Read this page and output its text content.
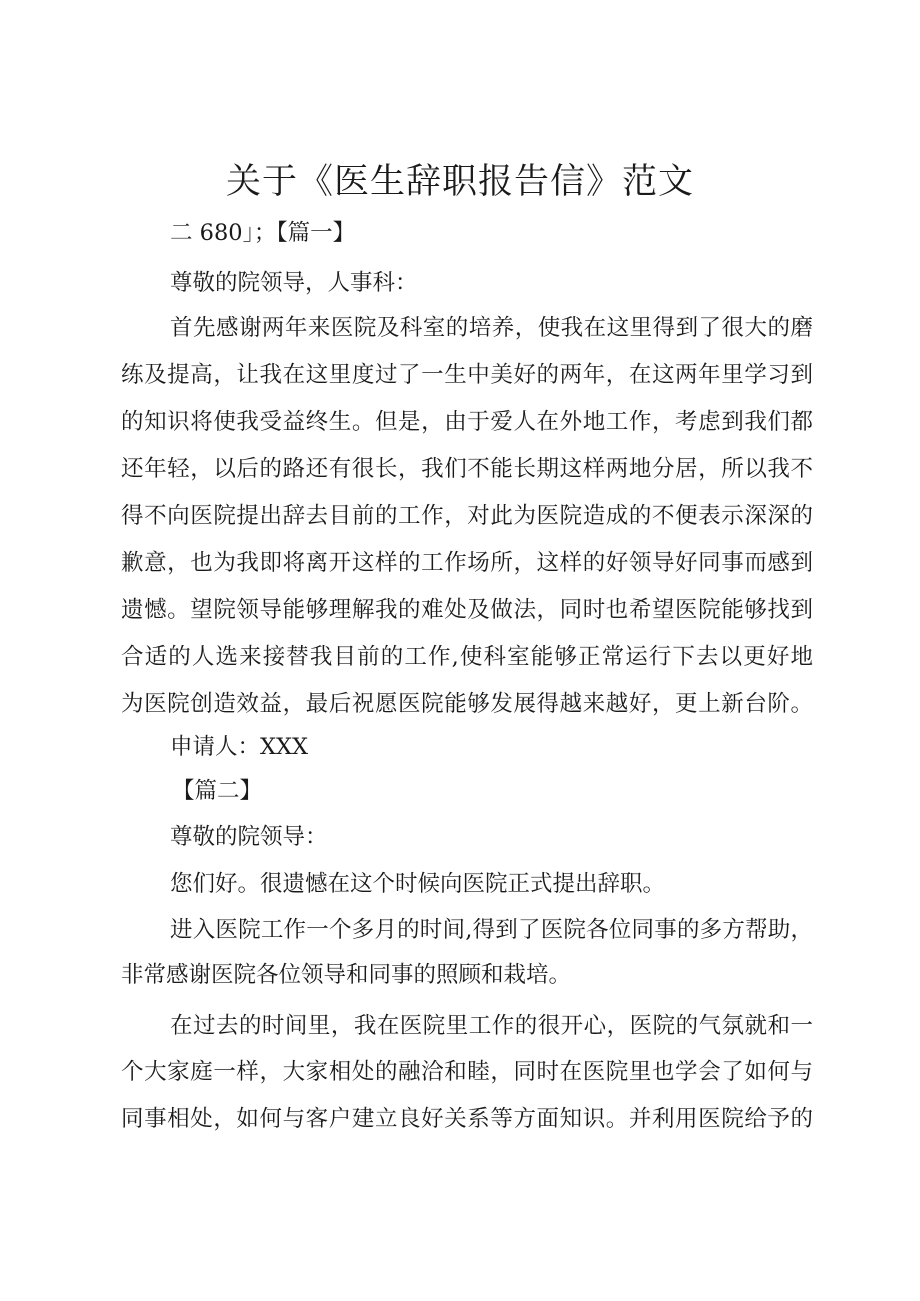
关于《医生辞职报告信》范文
二 680」；【篇一】
尊敬的院领导，人事科：
首先感谢两年来医院及科室的培养，使我在这里得到了很大的磨
练及提高，让我在这里度过了一生中美好的两年，在这两年里学习到
的知识将使我受益终生。但是，由于爱人在外地工作，考虑到我们都
还年轻，以后的路还有很长，我们不能长期这样两地分居，所以我不
得不向医院提出辞去目前的工作，对此为医院造成的不便表示深深的
歉意，也为我即将离开这样的工作场所，这样的好领导好同事而感到
遗憾。望院领导能够理解我的难处及做法，同时也希望医院能够找到
合适的人选来接替我目前的工作,使科室能够正常运行下去以更好地
为医院创造效益，最后祝愿医院能够发展得越来越好，更上新台阶。
申请人：XXX
【篇二】
尊敬的院领导：
您们好。很遗憾在这个时候向医院正式提出辞职。
进入医院工作一个多月的时间,得到了医院各位同事的多方帮助，
非常感谢医院各位领导和同事的照顾和栽培。
在过去的时间里，我在医院里工作的很开心，医院的气氛就和一
个大家庭一样，大家相处的融洽和睦，同时在医院里也学会了如何与
同事相处，如何与客户建立良好关系等方面知识。并利用医院给予的
